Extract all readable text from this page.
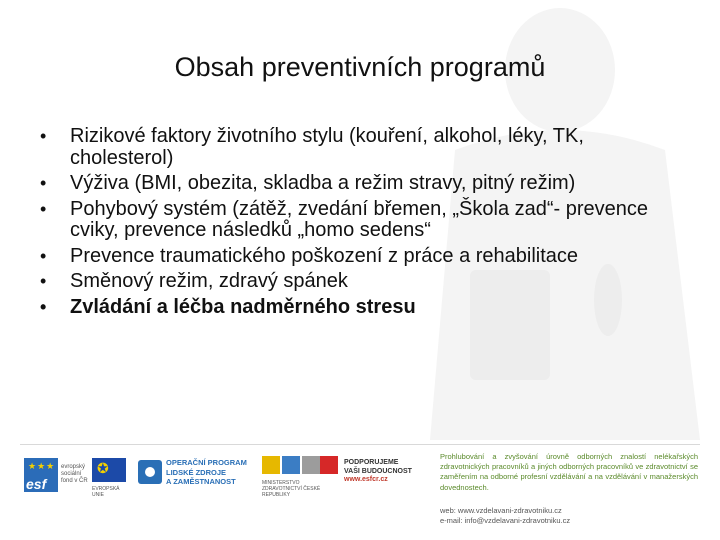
Obsah preventivních programů
• Rizikové faktory životního stylu (kouření, alkohol, léky, TK, cholesterol)
• Výživa (BMI, obezita, skladba a režim stravy, pitný režim)
• Pohybový systém (zátěž, zvedání břemen, „Škola zad“- prevence cviky, prevence následků „homo sedens“
• Prevence traumatického poškození z práce a rehabilitace
• Směnový režim, zdravý spánek
• Zvládání a léčba nadměrného stresu
★★★
esf
evropský sociální fond v ČR
✪
EVROPSKÁ UNIE
OPERAČNÍ PROGRAM
LIDSKÉ ZDROJE
A ZAMĚSTNANOST	MINISTERSTVO ZDRAVOTNICTVÍ ČESKÉ REPUBLIKY
PODPORUJEME
VAŠI BUDOUCNOST
www.esfcr.cz
Prohlubování a zvyšování úrovně odborných znalostí nelékařských zdravotnických pracovníků a jiných odborných pracovníků ve zdravotnictví se zaměřením na odborné profesní vzdělávání a na vzdělávání v manažerských dovednostech.
web: www.vzdelavani-zdravotniku.cz
e-mail: info@vzdelavani-zdravotniku.cz
